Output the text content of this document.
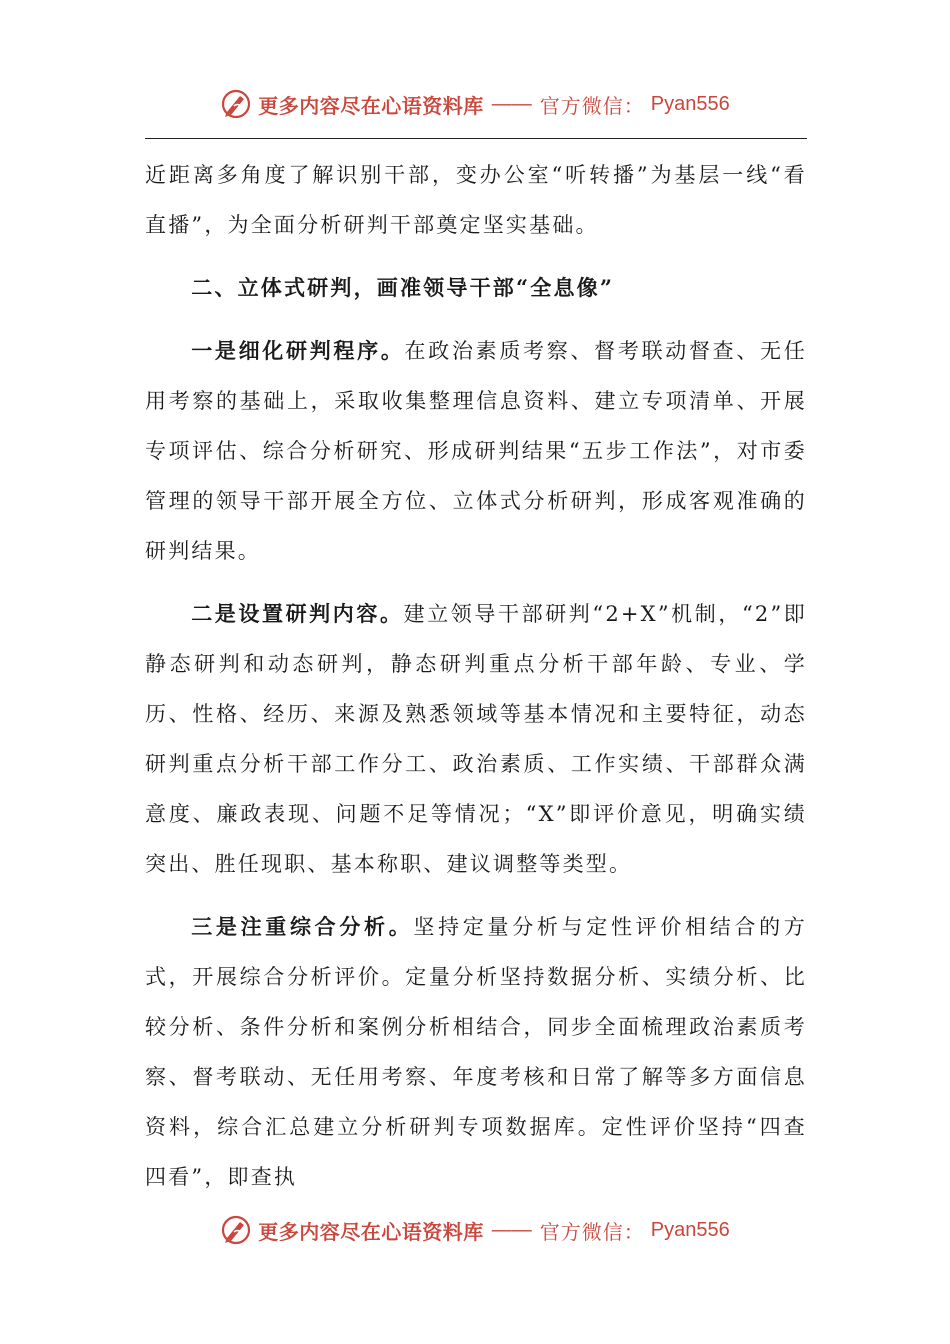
更多内容尽在心语资料库 —— 官方微信： Pyan556

近距离多角度了解识别干部，变办公室“听转播”为基层一线“看直播”，为全面分析研判干部奠定坚实基础。

二、立体式研判，画准领导干部“全息像”

一是细化研判程序。在政治素质考察、督考联动督查、无任用考察的基础上，采取收集整理信息资料、建立专项清单、开展专项评估、综合分析研究、形成研判结果“五步工作法”，对市委管理的领导干部开展全方位、立体式分析研判，形成客观准确的研判结果。

二是设置研判内容。建立领导干部研判“2+X”机制，“2”即静态研判和动态研判，静态研判重点分析干部年龄、专业、学历、性格、经历、来源及熟悉领域等基本情况和主要特征，动态研判重点分析干部工作分工、政治素质、工作实绩、干部群众满意度、廉政表现、问题不足等情况；“X”即评价意见，明确实绩突出、胜任现职、基本称职、建议调整等类型。

三是注重综合分析。坚持定量分析与定性评价相结合的方式，开展综合分析评价。定量分析坚持数据分析、实绩分析、比较分析、条件分析和案例分析相结合，同步全面梳理政治素质考察、督考联动、无任用考察、年度考核和日常了解等多方面信息资料，综合汇总建立分析研判专项数据库。定性评价坚持“四查四看”，即查执

更多内容尽在心语资料库 —— 官方微信： Pyan556
